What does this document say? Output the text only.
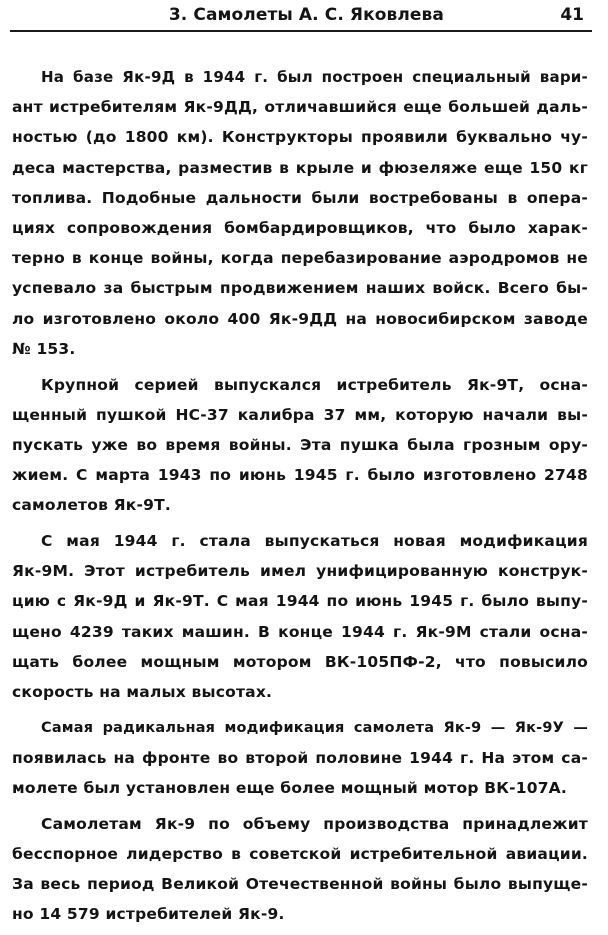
3. Самолеты А. С. Яковлева	41

На базе Як-9Д в 1944 г. был построен специальный вари-
ант истребителям Як-9ДД, отличавшийся еще большей даль-
ностью (до 1800 км). Конструкторы проявили буквально чу-
деса мастерства, разместив в крыле и фюзеляже еще 150 кг
топлива. Подобные дальности были востребованы в опера-
циях сопровождения бомбардировщиков, что было харак-
терно в конце войны, когда перебазирование аэродромов не
успевало за быстрым продвижением наших войск. Всего бы-
ло изготовлено около 400 Як-9ДД на новосибирском заводе
№ 153.

Крупной серией выпускался истребитель Як-9Т, осна-
щенный пушкой НС-37 калибра 37 мм, которую начали вы-
пускать уже во время войны. Эта пушка была грозным ору-
жием. С марта 1943 по июнь 1945 г. было изготовлено 2748
самолетов Як-9Т.

С мая 1944 г. стала выпускаться новая модификация
Як-9М. Этот истребитель имел унифицированную конструк-
цию с Як-9Д и Як-9Т. С мая 1944 по июнь 1945 г. было выпу-
щено 4239 таких машин. В конце 1944 г. Як-9М стали осна-
щать более мощным мотором ВК-105ПФ-2, что повысило
скорость на малых высотах.

Самая радикальная модификация самолета Як-9 — Як-9У —
появилась на фронте во второй половине 1944 г. На этом са-
молете был установлен еще более мощный мотор ВК-107А.

Самолетам Як-9 по объему производства принадлежит
бесспорное лидерство в советской истребительной авиации.
За весь период Великой Отечественной войны было выпуще-
но 14 579 истребителей Як-9.
